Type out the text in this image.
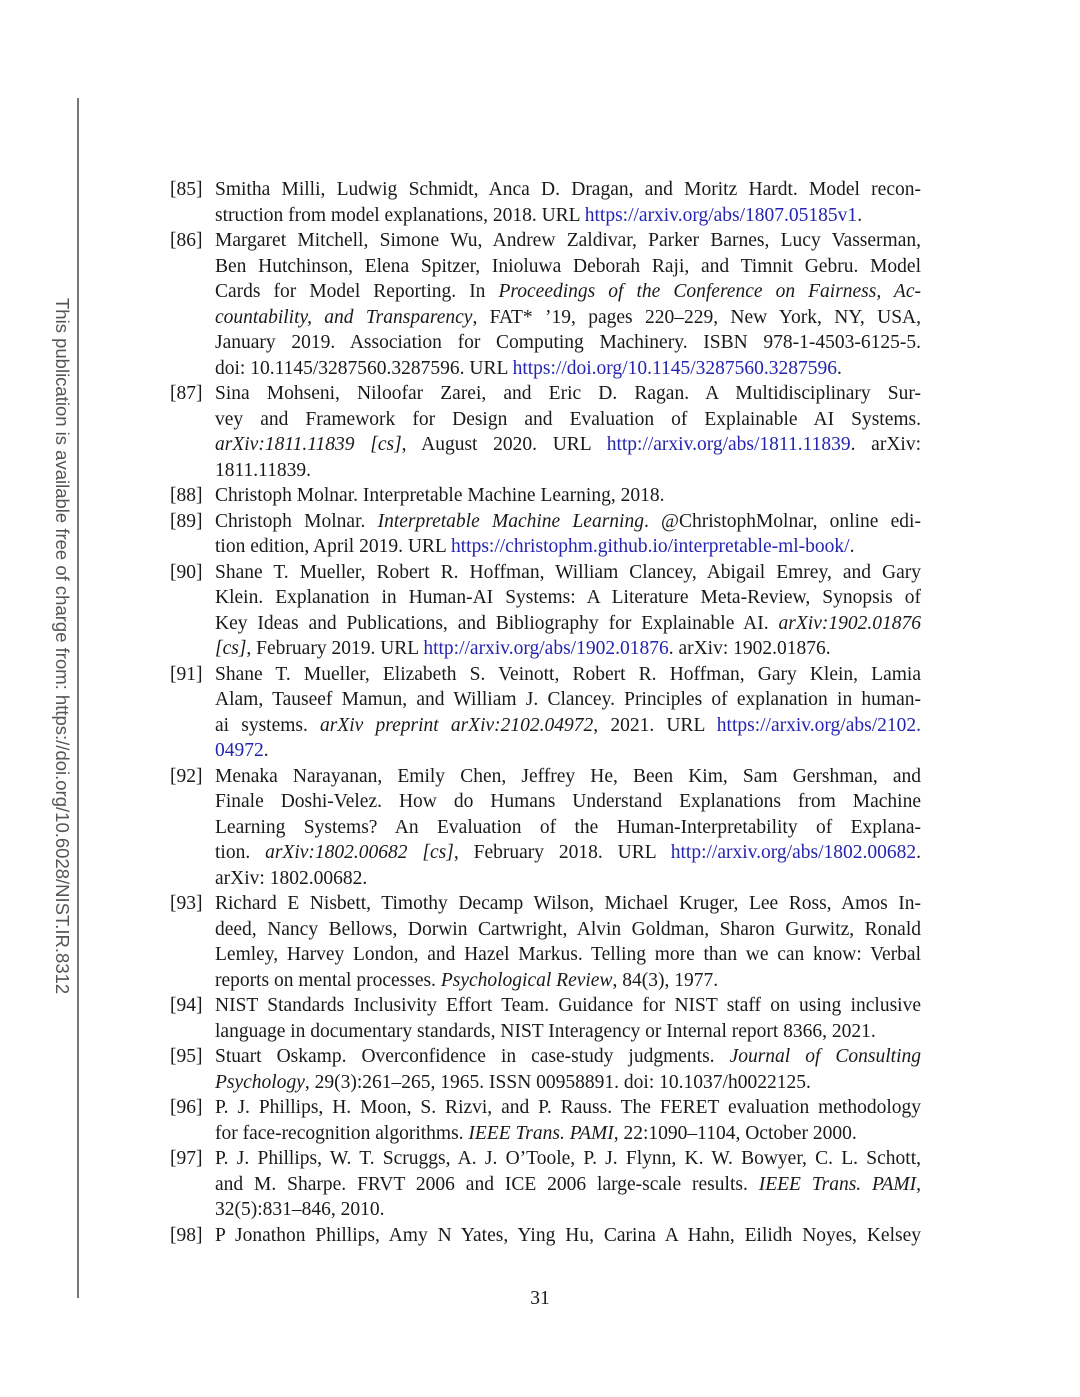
This publication is available free of charge from: https://doi.org/10.6028/NIST.IR.8312
[85] Smitha Milli, Ludwig Schmidt, Anca D. Dragan, and Moritz Hardt. Model recon-
struction from model explanations, 2018. URL https://arxiv.org/abs/1807.05185v1.
[86] Margaret Mitchell, Simone Wu, Andrew Zaldivar, Parker Barnes, Lucy Vasserman,
Ben Hutchinson, Elena Spitzer, Inioluwa Deborah Raji, and Timnit Gebru. Model
Cards for Model Reporting. In Proceedings of the Conference on Fairness, Ac-
countability, and Transparency, FAT* ’19, pages 220–229, New York, NY, USA,
January 2019. Association for Computing Machinery. ISBN 978-1-4503-6125-5.
doi: 10.1145/3287560.3287596. URL https://doi.org/10.1145/3287560.3287596.
[87] Sina Mohseni, Niloofar Zarei, and Eric D. Ragan. A Multidisciplinary Sur-
vey and Framework for Design and Evaluation of Explainable AI Systems.
arXiv:1811.11839 [cs], August 2020. URL http://arxiv.org/abs/1811.11839. arXiv:
1811.11839.
[88] Christoph Molnar. Interpretable Machine Learning, 2018.
[89] Christoph Molnar. Interpretable Machine Learning. @ChristophMolnar, online edi-
tion edition, April 2019. URL https://christophm.github.io/interpretable-ml-book/.
[90] Shane T. Mueller, Robert R. Hoffman, William Clancey, Abigail Emrey, and Gary
Klein. Explanation in Human-AI Systems: A Literature Meta-Review, Synopsis of
Key Ideas and Publications, and Bibliography for Explainable AI. arXiv:1902.01876
[cs], February 2019. URL http://arxiv.org/abs/1902.01876. arXiv: 1902.01876.
[91] Shane T. Mueller, Elizabeth S. Veinott, Robert R. Hoffman, Gary Klein, Lamia
Alam, Tauseef Mamun, and William J. Clancey. Principles of explanation in human-
ai systems. arXiv preprint arXiv:2102.04972, 2021. URL https://arxiv.org/abs/2102.
04972.
[92] Menaka Narayanan, Emily Chen, Jeffrey He, Been Kim, Sam Gershman, and
Finale Doshi-Velez. How do Humans Understand Explanations from Machine
Learning Systems? An Evaluation of the Human-Interpretability of Explana-
tion. arXiv:1802.00682 [cs], February 2018. URL http://arxiv.org/abs/1802.00682.
arXiv: 1802.00682.
[93] Richard E Nisbett, Timothy Decamp Wilson, Michael Kruger, Lee Ross, Amos In-
deed, Nancy Bellows, Dorwin Cartwright, Alvin Goldman, Sharon Gurwitz, Ronald
Lemley, Harvey London, and Hazel Markus. Telling more than we can know: Verbal
reports on mental processes. Psychological Review, 84(3), 1977.
[94] NIST Standards Inclusivity Effort Team. Guidance for NIST staff on using inclusive
language in documentary standards, NIST Interagency or Internal report 8366, 2021.
[95] Stuart Oskamp. Overconfidence in case-study judgments. Journal of Consulting
Psychology, 29(3):261–265, 1965. ISSN 00958891. doi: 10.1037/h0022125.
[96] P. J. Phillips, H. Moon, S. Rizvi, and P. Rauss. The FERET evaluation methodology
for face-recognition algorithms. IEEE Trans. PAMI, 22:1090–1104, October 2000.
[97] P. J. Phillips, W. T. Scruggs, A. J. O’Toole, P. J. Flynn, K. W. Bowyer, C. L. Schott,
and M. Sharpe. FRVT 2006 and ICE 2006 large-scale results. IEEE Trans. PAMI,
32(5):831–846, 2010.
[98] P Jonathon Phillips, Amy N Yates, Ying Hu, Carina A Hahn, Eilidh Noyes, Kelsey
31
